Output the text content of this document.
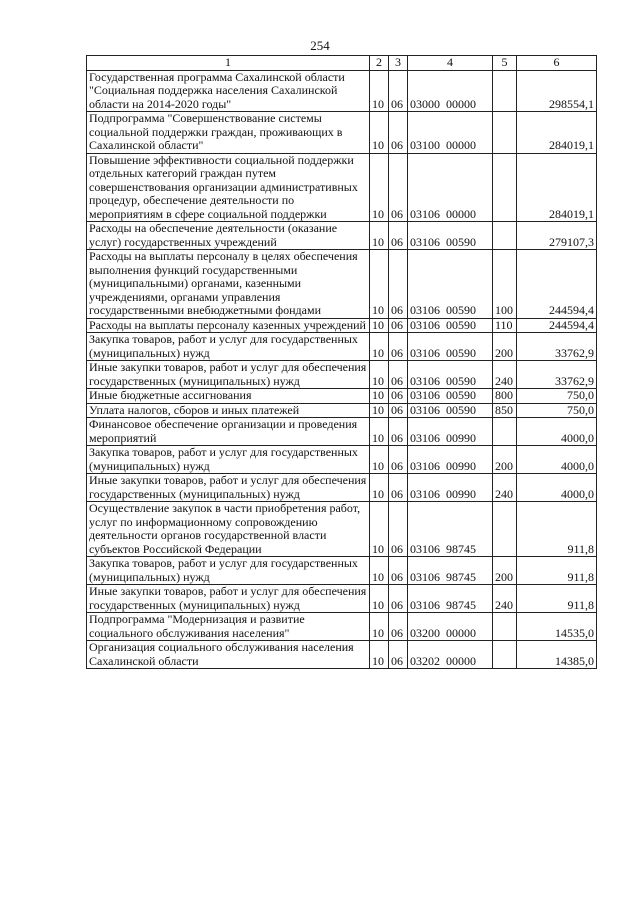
254
1	2	3	4	5	6
Государственная программа Сахалинской области "Социальная поддержка населения Сахалинской области на 2014-2020 годы"	10	06	03000  00000		298554,1
Подпрограмма "Совершенствование системы социальной поддержки граждан, проживающих в Сахалинской области"	10	06	03100  00000		284019,1
Повышение эффективности социальной поддержки отдельных категорий граждан путем совершенствования организации административных процедур, обеспечение деятельности по мероприятиям в сфере социальной поддержки	10	06	03106  00000		284019,1
Расходы на обеспечение деятельности (оказание услуг) государственных учреждений	10	06	03106  00590		279107,3
Расходы на выплаты персоналу в целях обеспечения выполнения функций государственными (муниципальными) органами, казенными учреждениями, органами управления государственными внебюджетными фондами	10	06	03106  00590	100	244594,4
Расходы на выплаты персоналу казенных учреждений	10	06	03106  00590	110	244594,4
Закупка товаров, работ и услуг для государственных (муниципальных) нужд	10	06	03106  00590	200	33762,9
Иные закупки товаров, работ и услуг для обеспечения государственных (муниципальных) нужд	10	06	03106  00590	240	33762,9
Иные бюджетные ассигнования	10	06	03106  00590	800	750,0
Уплата налогов, сборов и иных платежей	10	06	03106  00590	850	750,0
Финансовое обеспечение организации и проведения мероприятий	10	06	03106  00990		4000,0
Закупка товаров, работ и услуг для государственных (муниципальных) нужд	10	06	03106  00990	200	4000,0
Иные закупки товаров, работ и услуг для обеспечения государственных (муниципальных) нужд	10	06	03106  00990	240	4000,0
Осуществление закупок в части приобретения работ, услуг по информационному сопровождению деятельности органов государственной власти субъектов Российской Федерации	10	06	03106  98745		911,8
Закупка товаров, работ и услуг для государственных (муниципальных) нужд	10	06	03106  98745	200	911,8
Иные закупки товаров, работ и услуг для обеспечения государственных (муниципальных) нужд	10	06	03106  98745	240	911,8
Подпрограмма "Модернизация и развитие социального обслуживания населения"	10	06	03200  00000		14535,0
Организация социального обслуживания населения Сахалинской области	10	06	03202  00000		14385,0
